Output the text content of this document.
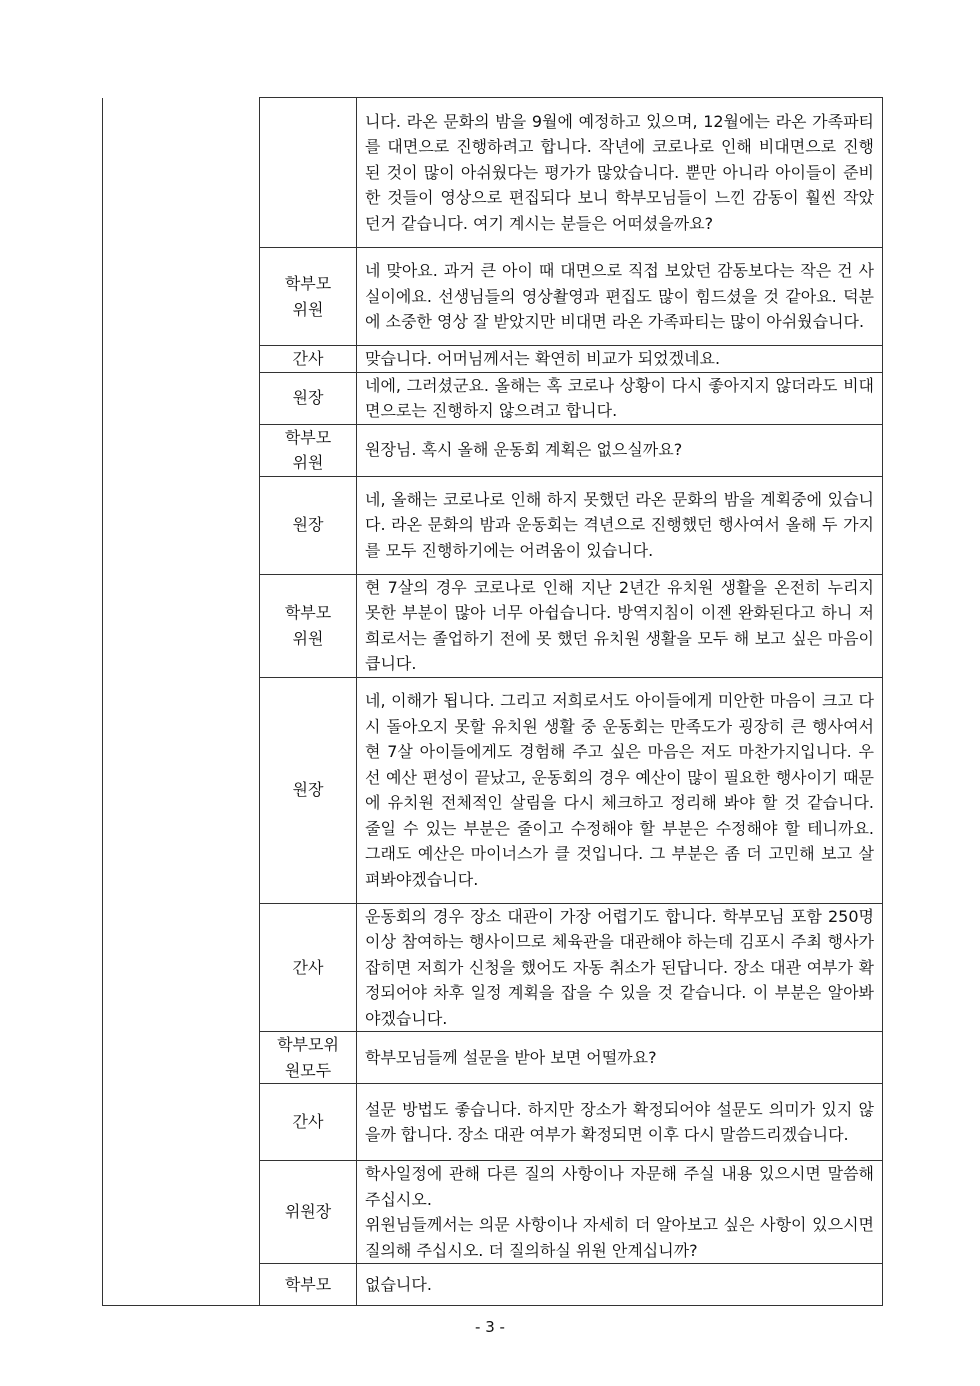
		니다. 라온 문화의 밤을 9월에 예정하고 있으며, 12월에는 라온 가족파티를 대면으로 진행하려고 합니다. 작년에 코로나로 인해 비대면으로 진행 된 것이 많이 아쉬웠다는 평가가 많았습니다. 뿐만 아니라 아이들이 준비 한 것들이 영상으로 편집되다 보니 학부모님들이 느낀 감동이 훨씬 작았던거 같습니다. 여기 계시는 분들은 어떠셨을까요?

	학부모
위원	네 맞아요. 과거 큰 아이 때 대면으로 직접 보았던 감동보다는 작은 건 사실이에요. 선생님들의 영상촬영과 편집도 많이 힘드셨을 것 같아요. 덕분에 소중한 영상 잘 받았지만 비대면 라온 가족파티는 많이 아쉬웠습니다.

	간사	맞습니다. 어머님께서는 확연히 비교가 되었겠네요.

	원장	네에, 그러셨군요. 올해는 혹 코로나 상황이 다시 좋아지지 않더라도 비대면으로는 진행하지 않으려고 합니다.

	학부모
위원	원장님. 혹시 올해 운동회 계획은 없으실까요?

	원장	네, 올해는 코로나로 인해 하지 못했던 라온 문화의 밤을 계획중에 있습니다. 라온 문화의 밤과 운동회는 격년으로 진행했던 행사여서 올해 두 가지를 모두 진행하기에는 어려움이 있습니다.

	학부모
위원	현 7살의 경우 코로나로 인해 지난 2년간 유치원 생활을 온전히 누리지 못한 부분이 많아 너무 아쉽습니다. 방역지침이 이젠 완화된다고 하니 저희로서는 졸업하기 전에 못 했던 유치원 생활을 모두 해 보고 싶은 마음이 큽니다.

	원장	네, 이해가 됩니다. 그리고 저희로서도 아이들에게 미안한 마음이 크고 다시 돌아오지 못할 유치원 생활 중 운동회는 만족도가 굉장히 큰 행사여서 현 7살 아이들에게도 경험해 주고 싶은 마음은 저도 마찬가지입니다. 우선 예산 편성이 끝났고, 운동회의 경우 예산이 많이 필요한 행사이기 때문에 유치원 전체적인 살림을 다시 체크하고 정리해 봐야 할 것 같습니다. 줄일 수 있는 부분은 줄이고 수정해야 할 부분은 수정해야 할 테니까요. 그래도 예산은 마이너스가 클 것입니다. 그 부분은 좀 더 고민해 보고 살펴봐야겠습니다.

	간사	운동회의 경우 장소 대관이 가장 어렵기도 합니다. 학부모님 포함 250명 이상 참여하는 행사이므로 체육관을 대관해야 하는데 김포시 주최 행사가 잡히면 저희가 신청을 했어도 자동 취소가 된답니다. 장소 대관 여부가 확정되어야 차후 일정 계획을 잡을 수 있을 것 같습니다. 이 부분은 알아봐야겠습니다.

	학부모위
원모두	학부모님들께 설문을 받아 보면 어떨까요?

	간사	설문 방법도 좋습니다. 하지만 장소가 확정되어야 설문도 의미가 있지 않을까 합니다. 장소 대관 여부가 확정되면 이후 다시 말씀드리겠습니다.

	위원장	학사일정에 관해 다른 질의 사항이나 자문해 주실 내용 있으시면 말씀해 주십시오.
위원님들께서는 의문 사항이나 자세히 더 알아보고 싶은 사항이 있으시면 질의해 주십시오. 더 질의하실 위원 안계십니까?

	학부모	없습니다.
- 3 -
